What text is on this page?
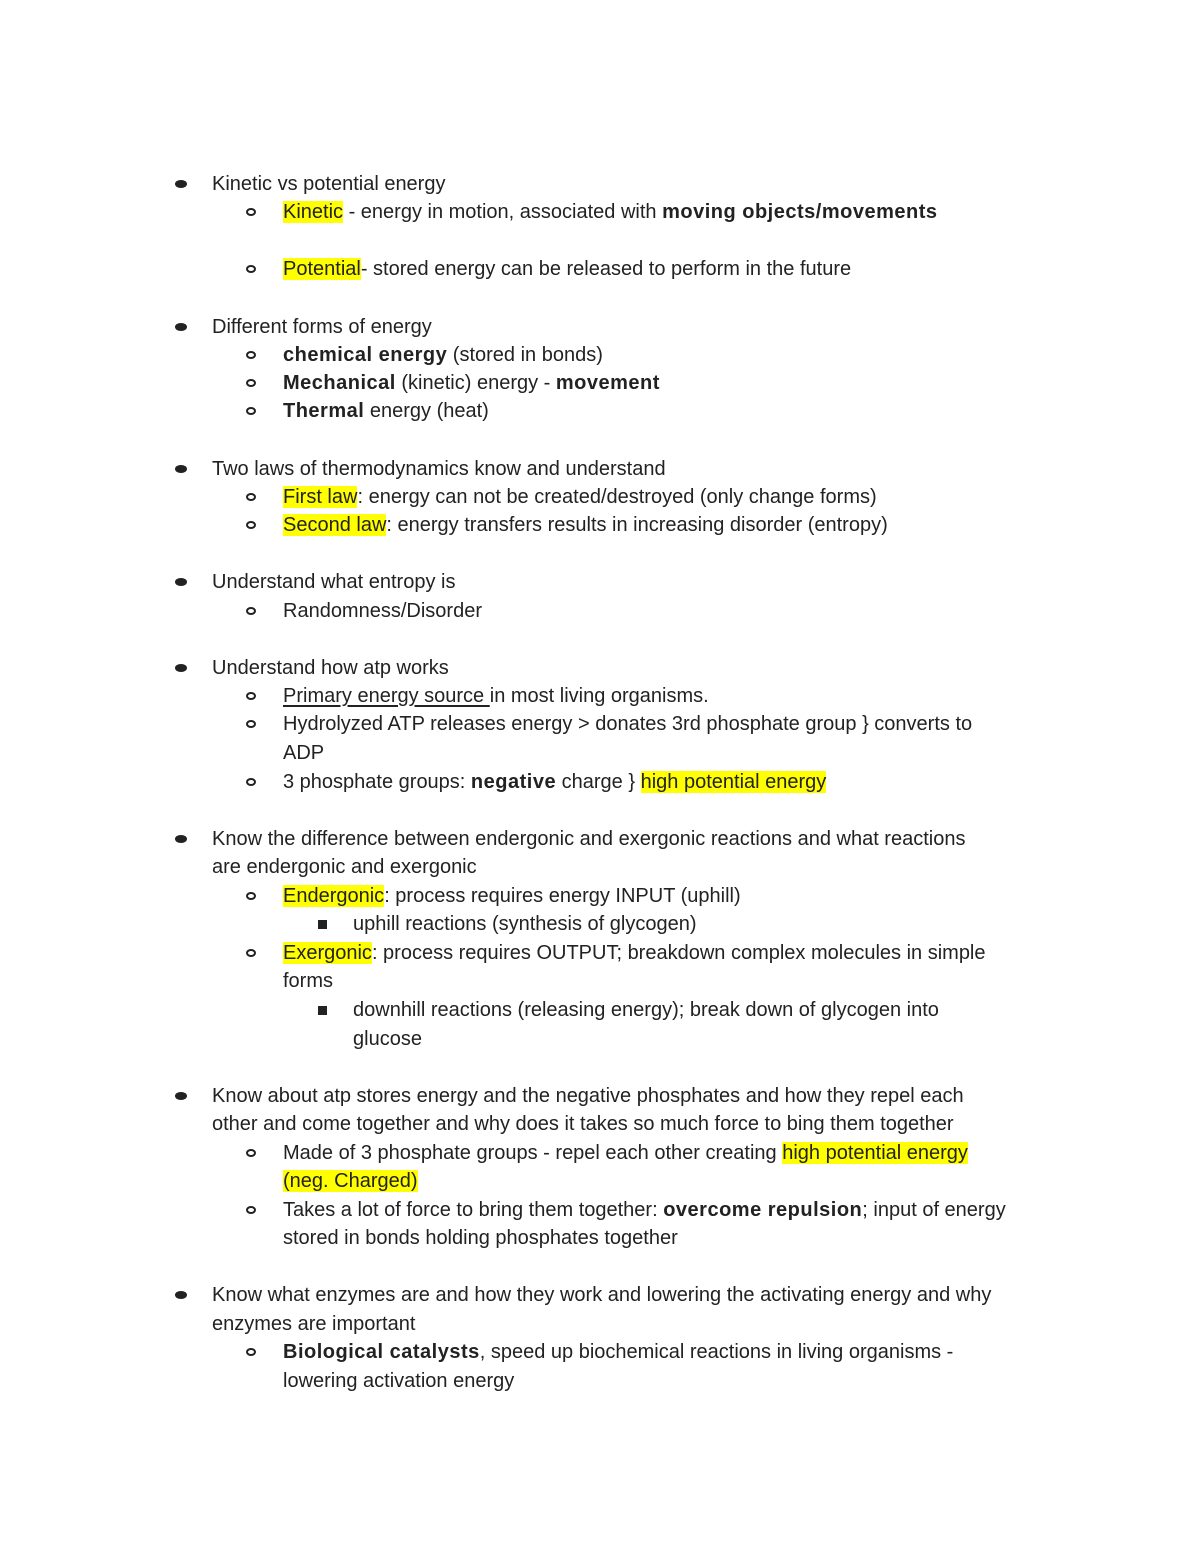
Kinetic vs potential energy
Kinetic - energy in motion, associated with moving objects/movements
Potential- stored energy can be released to perform in the future
Different forms of energy
chemical energy (stored in bonds)
Mechanical (kinetic) energy - movement
Thermal energy (heat)
Two laws of thermodynamics know and understand
First law: energy can not be created/destroyed (only change forms)
Second law: energy transfers results in increasing disorder (entropy)
Understand what entropy is
Randomness/Disorder
Understand how atp works
Primary energy source in most living organisms.
Hydrolyzed ATP releases energy > donates 3rd phosphate group } converts to
ADP
3 phosphate groups: negative charge } high potential energy
Know the difference between endergonic and exergonic reactions and what reactions
are endergonic and exergonic
Endergonic: process requires energy INPUT (uphill)
uphill reactions (synthesis of glycogen)
Exergonic: process requires OUTPUT; breakdown complex molecules in simple
forms
downhill reactions (releasing energy); break down of glycogen into
glucose
Know about atp stores energy and the negative phosphates and how they repel each
other and come together and why does it takes so much force to bing them together
Made of 3 phosphate groups - repel each other creating high potential energy
(neg. Charged)
Takes a lot of force to bring them together: overcome repulsion; input of energy
stored in bonds holding phosphates together
Know what enzymes are and how they work and lowering the activating energy and why
enzymes are important
Biological catalysts, speed up biochemical reactions in living organisms -
lowering activation energy
